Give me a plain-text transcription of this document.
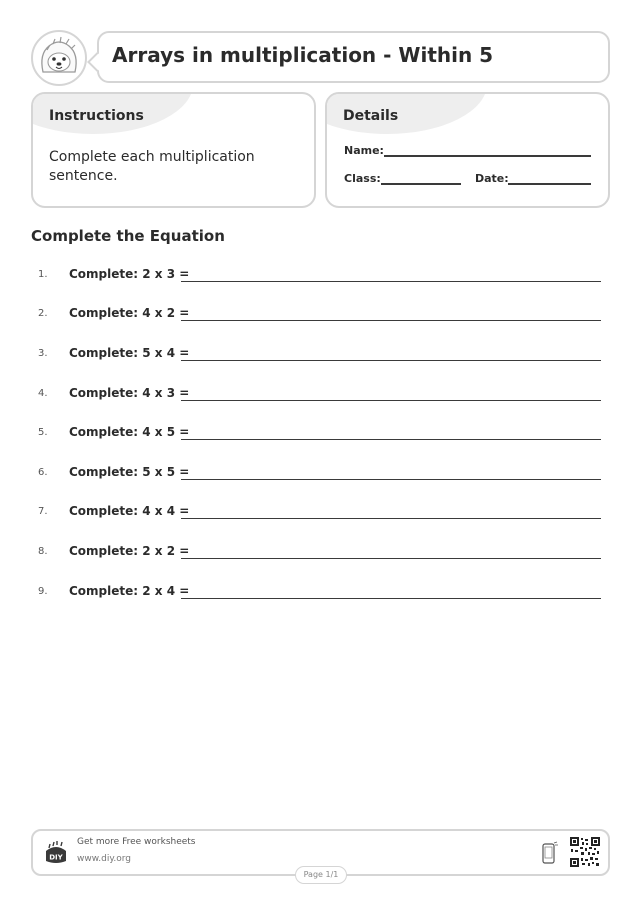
Arrays in multiplication - Within 5
Instructions
Complete each multiplication sentence.
Details
Name:
Class:	Date:
Complete the Equation
1. Complete: 2 x 3 =
2. Complete: 4 x 2 =
3. Complete: 5 x 4 =
4. Complete: 4 x 3 =
5. Complete: 4 x 5 =
6. Complete: 5 x 5 =
7. Complete: 4 x 4 =
8. Complete: 2 x 2 =
9. Complete: 2 x 4 =
DIY
Get more Free worksheets
www.diy.org
Page 1/1
